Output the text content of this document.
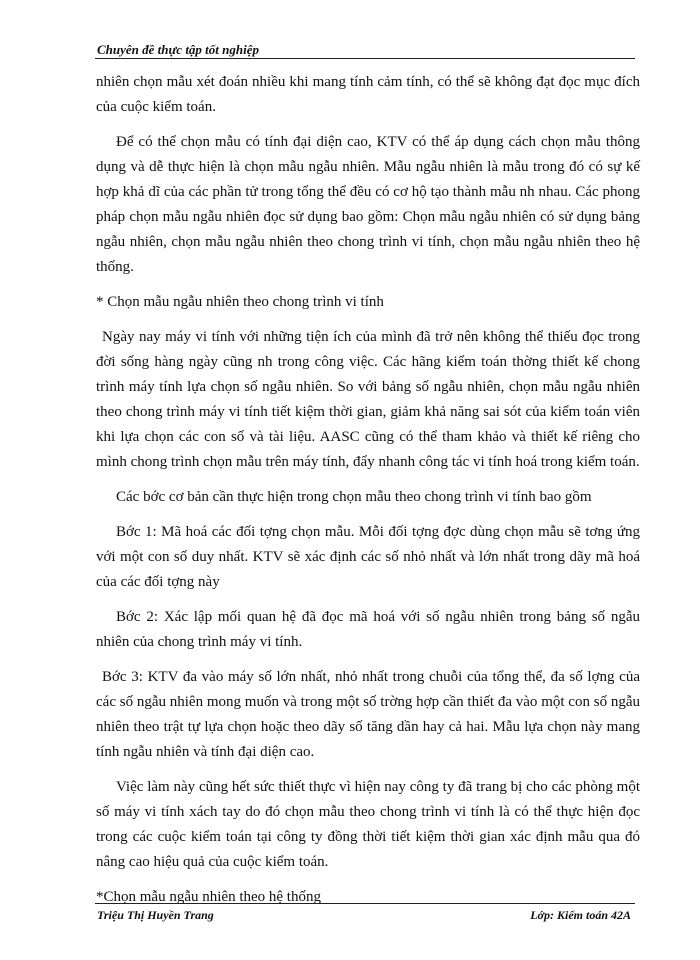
Chuyên đề thực tập tốt nghiệp

nhiên chọn mẫu xét đoán nhiều khi mang tính cảm tính, có thể sẽ không đạt đọc mục đích của cuộc kiểm toán.

Để có thể chọn mẫu có tính đại diện cao, KTV có thể áp dụng cách chọn mẫu thông dụng và dễ thực hiện là chọn mẫu ngẫu nhiên. Mẫu ngẫu nhiên là mẫu trong đó có sự kế hợp khả dĩ của các phần tử trong tổng thể đều có cơ hộ tạo thành mẫu nh nhau. Các phong pháp chọn mẫu ngẫu nhiên đọc sử dụng bao gồm: Chọn mẫu ngẫu nhiên có sử dụng bảng ngẫu nhiên, chọn mẫu ngẫu nhiên theo chong trình vi tính, chọn mẫu ngẫu nhiên theo hệ thống.

* Chọn mẫu ngẫu nhiên theo chong trình vi tính

Ngày nay máy vi tính với những tiện ích của mình đã trở nên không thể thiếu đọc trong đời sống hàng ngày cũng nh trong công việc. Các hãng kiểm toán thờng thiết kế chong trình máy tính lựa chọn số ngẫu nhiên. So với bảng số ngẫu nhiên, chọn mẫu ngẫu nhiên theo chong trình máy vi tính tiết kiệm thời gian, giảm khả năng sai sót của kiểm toán viên khi lựa chọn các con số và tài liệu. AASC cũng có thể tham khảo và thiết kế riêng cho mình chong trình chọn mẫu trên máy tính, đẩy nhanh công tác vi tính hoá trong kiểm toán.

Các bớc cơ bản cần thực hiện trong chọn mẫu theo chong trình vi tính bao gồm

Bớc 1: Mã hoá các đối tợng chọn mẫu. Mỗi đối tợng đợc dùng chọn mẫu sẽ tơng ứng với một con số duy nhất. KTV sẽ xác định các số nhỏ nhất và lớn nhất trong dãy mã hoá của các đối tợng này

Bớc 2: Xác lập mối quan hệ đã đọc mã hoá với số ngẫu nhiên trong bảng số ngẫu nhiên của chong trình máy vi tính.

Bớc 3: KTV đa vào máy số lớn nhất, nhỏ nhất trong chuỗi của tổng thể, đa số lợng của các số ngẫu nhiên mong muốn và trong một số trờng hợp cần thiết đa vào một con số ngẫu nhiên theo trật tự lựa chọn hoặc theo dãy số tăng dần hay cả hai. Mẫu lựa chọn này mang tính ngẫu nhiên và tính đại diện cao.

Việc làm này cũng hết sức thiết thực vì hiện nay công ty đã trang bị cho các phòng một số máy vi tính xách tay do đó chọn mẫu theo chong trình vi tính là có thể thực hiện đọc trong các cuộc kiểm toán tại công ty đồng thời tiết kiệm thời gian xác định mẫu qua đó nâng cao hiệu quả của cuộc kiểm toán.

*Chọn mẫu ngẫu nhiên theo hệ thống

Triệu Thị Huyền Trang	Lớp: Kiểm toán 42A
